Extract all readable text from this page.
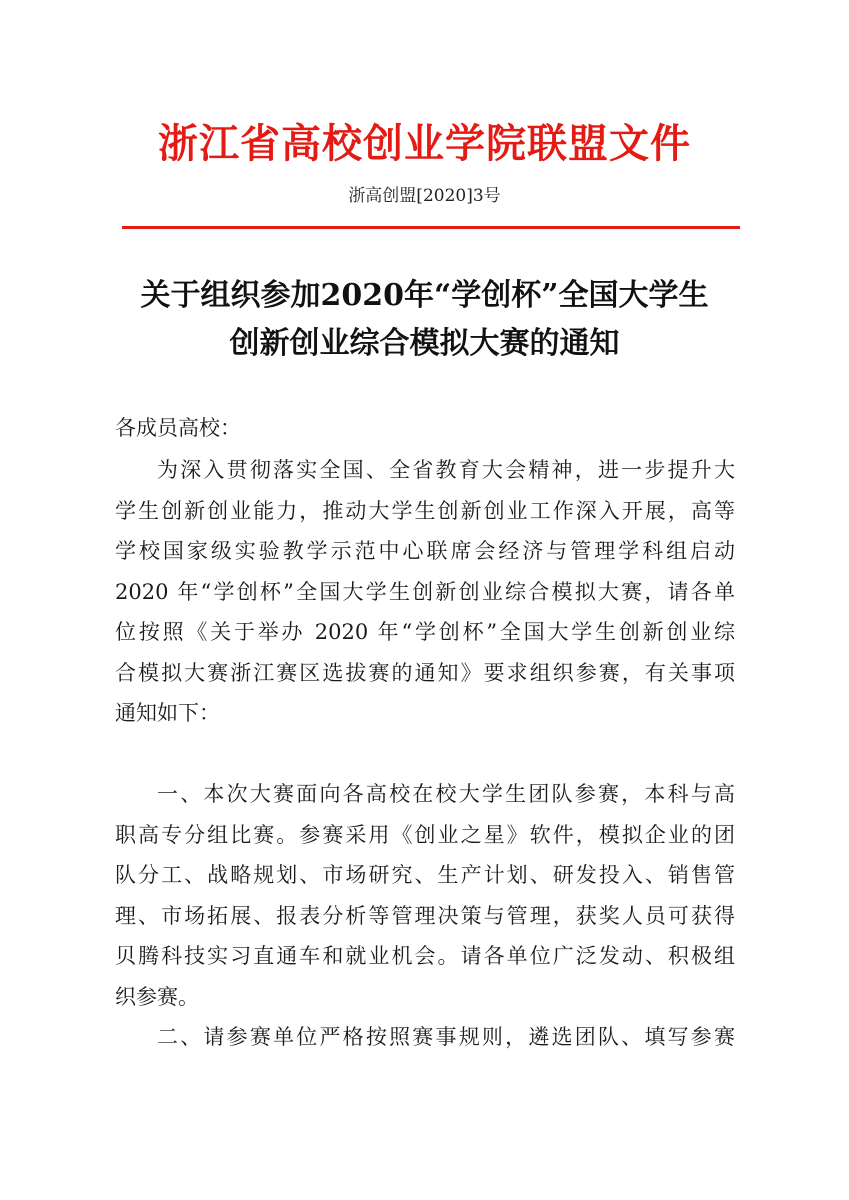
浙江省高校创业学院联盟文件
浙高创盟[2020]3号
关于组织参加2020年“学创杯”全国大学生
创新创业综合模拟大赛的通知
各成员高校：
为深入贯彻落实全国、全省教育大会精神，进一步提升大
学生创新创业能力，推动大学生创新创业工作深入开展，高等
学校国家级实验教学示范中心联席会经济与管理学科组启动
2020 年“学创杯”全国大学生创新创业综合模拟大赛，请各单
位按照《关于举办 2020 年“学创杯”全国大学生创新创业综
合模拟大赛浙江赛区选拔赛的通知》要求组织参赛，有关事项
通知如下：
一、本次大赛面向各高校在校大学生团队参赛，本科与高
职高专分组比赛。参赛采用《创业之星》软件，模拟企业的团
队分工、战略规划、市场研究、生产计划、研发投入、销售管
理、市场拓展、报表分析等管理决策与管理，获奖人员可获得
贝腾科技实习直通车和就业机会。请各单位广泛发动、积极组
织参赛。
二、请参赛单位严格按照赛事规则，遴选团队、填写参赛
